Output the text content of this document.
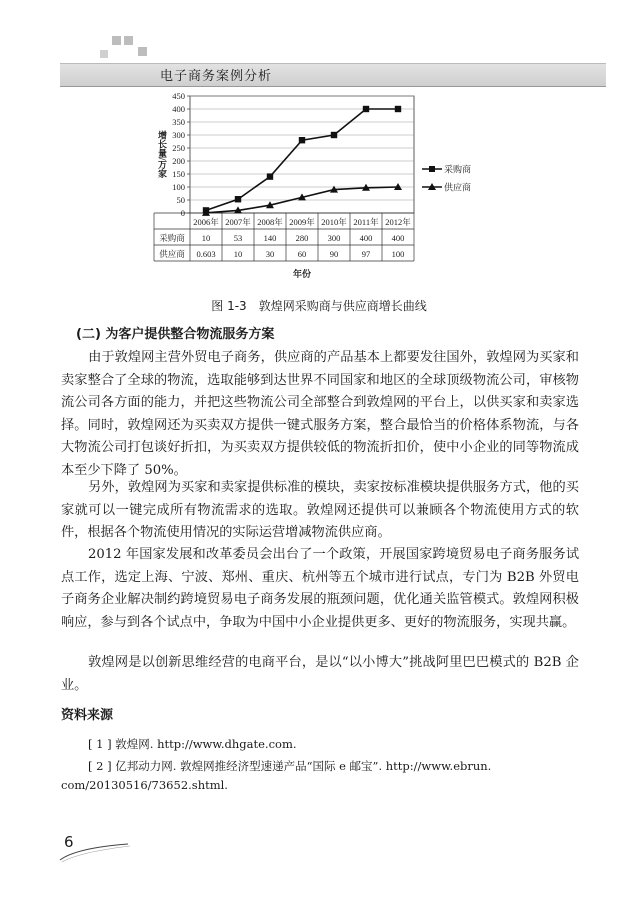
电子商务案例分析
0
50
100
150
200
250
300
350
400
450
增长量/万家
2006年 2007年 2008年 2009年 2010年 2011年 2012年
采购商 10	53	140 280 300 400 400
供应商 0.603 10	30	60	90	97	100
年份
采购商
供应商
图 1-3　敦煌网采购商与供应商增长曲线
(二) 为客户提供整合物流服务方案
由于敦煌网主营外贸电子商务，供应商的产品基本上都要发往国外，敦煌网为买家和卖家整合了全球的物流，选取能够到达世界不同国家和地区的全球顶级物流公司，审核物流公司各方面的能力，并把这些物流公司全部整合到敦煌网的平台上，以供买家和卖家选择。同时，敦煌网还为买卖双方提供一键式服务方案，整合最恰当的价格体系物流，与各大物流公司打包谈好折扣，为买卖双方提供较低的物流折扣价，使中小企业的同等物流成本至少下降了 50%。
另外，敦煌网为买家和卖家提供标准的模块，卖家按标准模块提供服务方式，他的买家就可以一键完成所有物流需求的选取。敦煌网还提供可以兼顾各个物流使用方式的软件，根据各个物流使用情况的实际运营增减物流供应商。
2012 年国家发展和改革委员会出台了一个政策，开展国家跨境贸易电子商务服务试点工作，选定上海、宁波、郑州、重庆、杭州等五个城市进行试点，专门为 B2B 外贸电子商务企业解决制约跨境贸易电子商务发展的瓶颈问题，优化通关监管模式。敦煌网积极响应，参与到各个试点中，争取为中国中小企业提供更多、更好的物流服务，实现共赢。
敦煌网是以创新思维经营的电商平台，是以“以小博大”挑战阿里巴巴模式的 B2B 企业。
资料来源
[ 1 ] 敦煌网. http://www.dhgate.com.
[ 2 ] 亿邦动力网. 敦煌网推经济型速递产品“国际 e 邮宝”. http://www.ebrun. com/20130516/73652.shtml.
6
